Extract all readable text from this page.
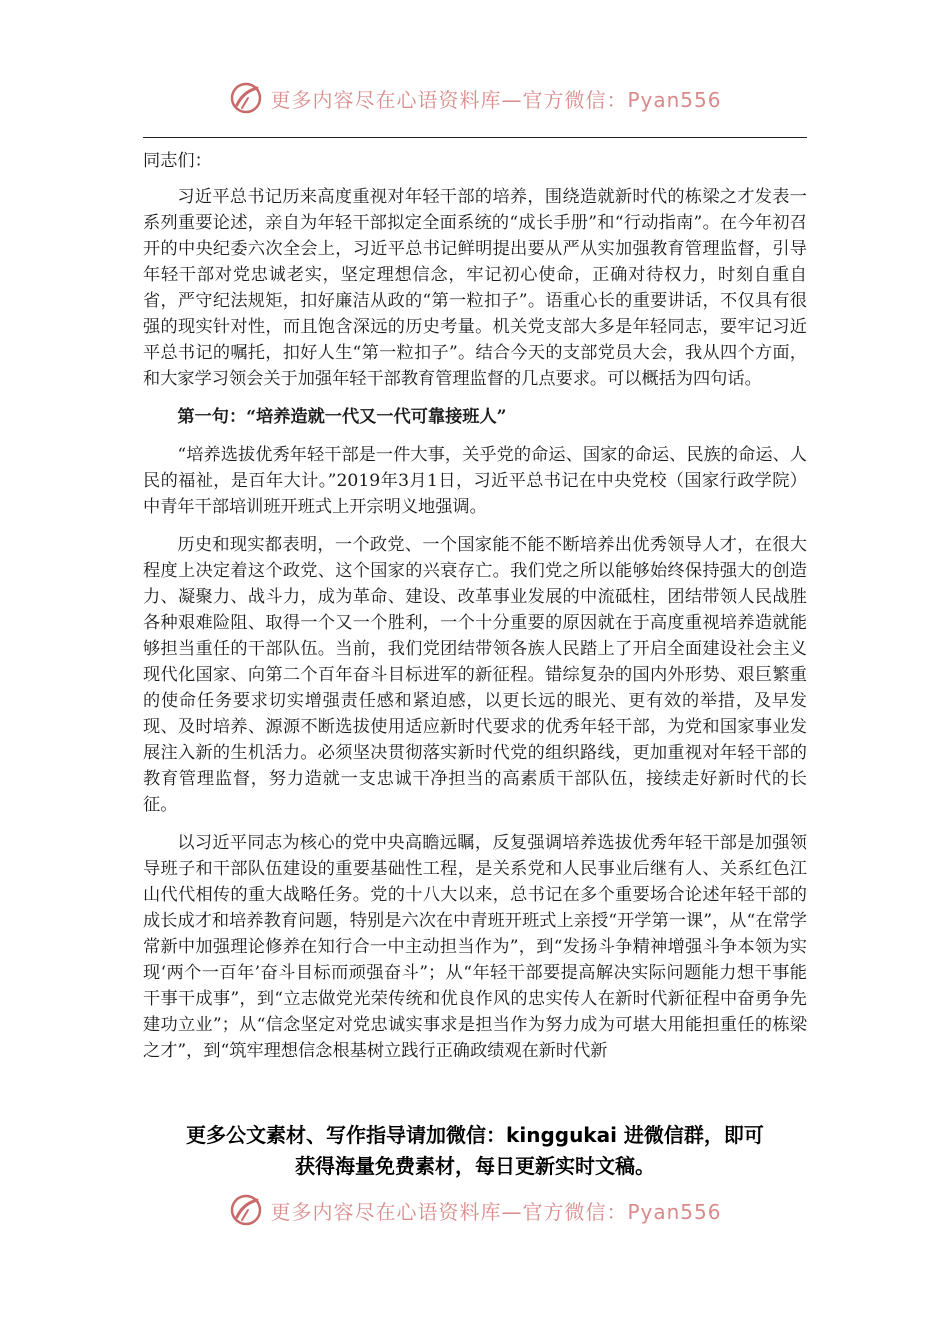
更多内容尽在心语资料库—官方微信：Pyan556

同志们：

习近平总书记历来高度重视对年轻干部的培养，围绕造就新时代的栋梁之才发表一系列重要论述，亲自为年轻干部拟定全面系统的“成长手册”和“行动指南”。在今年初召开的中央纪委六次全会上，习近平总书记鲜明提出要从严从实加强教育管理监督，引导年轻干部对党忠诚老实，坚定理想信念，牢记初心使命，正确对待权力，时刻自重自省，严守纪法规矩，扣好廉洁从政的“第一粒扣子”。语重心长的重要讲话，不仅具有很强的现实针对性，而且饱含深远的历史考量。机关党支部大多是年轻同志，要牢记习近平总书记的嘱托，扣好人生“第一粒扣子”。结合今天的支部党员大会，我从四个方面，和大家学习领会关于加强年轻干部教育管理监督的几点要求。可以概括为四句话。

第一句：“培养造就一代又一代可靠接班人”

“培养选拔优秀年轻干部是一件大事，关乎党的命运、国家的命运、民族的命运、人民的福祉，是百年大计。”2019年3月1日，习近平总书记在中央党校（国家行政学院）中青年干部培训班开班式上开宗明义地强调。

历史和现实都表明，一个政党、一个国家能不能不断培养出优秀领导人才，在很大程度上决定着这个政党、这个国家的兴衰存亡。我们党之所以能够始终保持强大的创造力、凝聚力、战斗力，成为革命、建设、改革事业发展的中流砥柱，团结带领人民战胜各种艰难险阻、取得一个又一个胜利，一个十分重要的原因就在于高度重视培养造就能够担当重任的干部队伍。当前，我们党团结带领各族人民踏上了开启全面建设社会主义现代化国家、向第二个百年奋斗目标进军的新征程。错综复杂的国内外形势、艰巨繁重的使命任务要求切实增强责任感和紧迫感，以更长远的眼光、更有效的举措，及早发现、及时培养、源源不断选拔使用适应新时代要求的优秀年轻干部，为党和国家事业发展注入新的生机活力。必须坚决贯彻落实新时代党的组织路线，更加重视对年轻干部的教育管理监督，努力造就一支忠诚干净担当的高素质干部队伍，接续走好新时代的长征。

以习近平同志为核心的党中央高瞻远瞩，反复强调培养选拔优秀年轻干部是加强领导班子和干部队伍建设的重要基础性工程，是关系党和人民事业后继有人、关系红色江山代代相传的重大战略任务。党的十八大以来，总书记在多个重要场合论述年轻干部的成长成才和培养教育问题，特别是六次在中青班开班式上亲授“开学第一课”，从“在常学常新中加强理论修养在知行合一中主动担当作为”，到“发扬斗争精神增强斗争本领为实现‘两个一百年’奋斗目标而顽强奋斗”；从“年轻干部要提高解决实际问题能力想干事能干事干成事”，到“立志做党光荣传统和优良作风的忠实传人在新时代新征程中奋勇争先建功立业”；从“信念坚定对党忠诚实事求是担当作为努力成为可堪大用能担重任的栋梁之才”，到“筑牢理想信念根基树立践行正确政绩观在新时代新

更多公文素材、写作指导请加微信：kinggukai 进微信群，即可
获得海量免费素材，每日更新实时文稿。
更多内容尽在心语资料库—官方微信：Pyan556
